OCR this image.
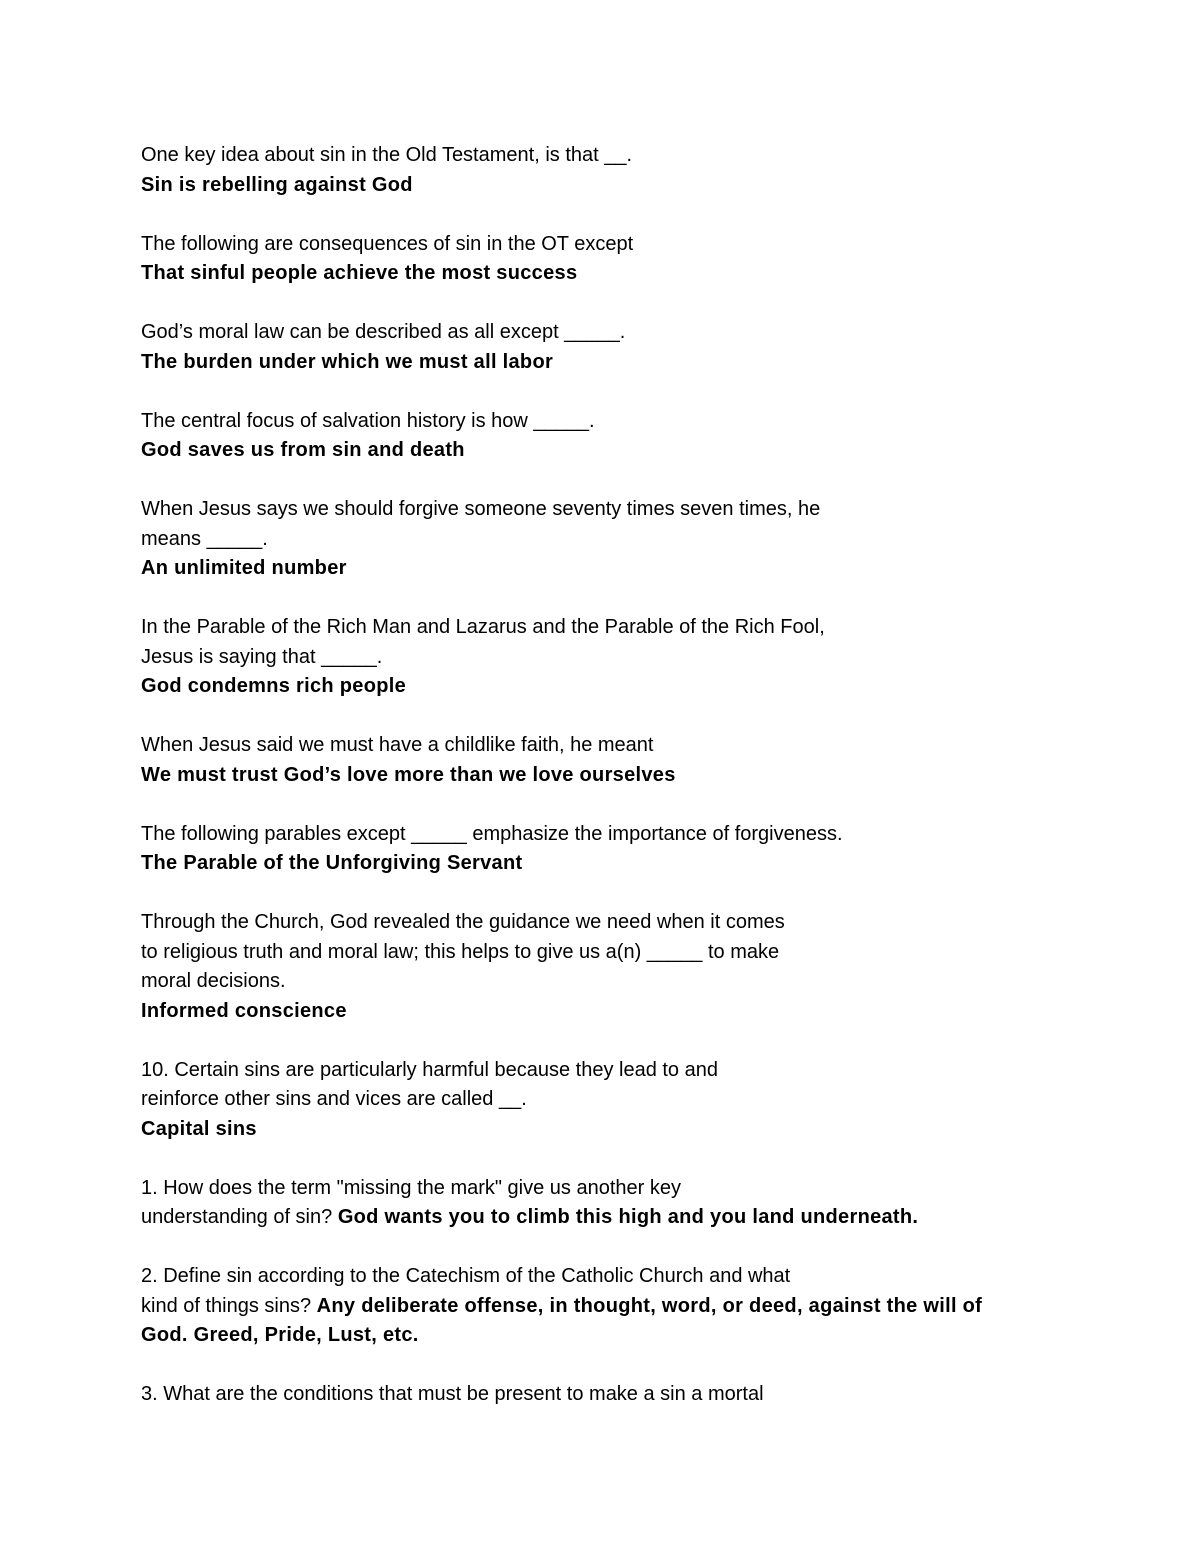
One key idea about sin in the Old Testament, is that __.
Sin is rebelling against God
The following are consequences of sin in the OT except
That sinful people achieve the most success
God’s moral law can be described as all except _____.
The burden under which we must all labor
The central focus of salvation history is how _____.
God saves us from sin and death
When Jesus says we should forgive someone seventy times seven times, he
means _____.
An unlimited number
In the Parable of the Rich Man and Lazarus and the Parable of the Rich Fool,
Jesus is saying that _____.
God condemns rich people
When Jesus said we must have a childlike faith, he meant
We must trust God’s love more than we love ourselves
The following parables except _____ emphasize the importance of forgiveness.
The Parable of the Unforgiving Servant
Through the Church, God revealed the guidance we need when it comes
to religious truth and moral law; this helps to give us a(n) _____ to make
moral decisions.
Informed conscience
10. Certain sins are particularly harmful because they lead to and
reinforce other sins and vices are called __.
Capital sins
1. How does the term "missing the mark" give us another key
understanding of sin? God wants you to climb this high and you land underneath.
2. Define sin according to the Catechism of the Catholic Church and what
kind of things sins? Any deliberate offense, in thought, word, or deed, against the will of
God. Greed, Pride, Lust, etc.
3. What are the conditions that must be present to make a sin a mortal
